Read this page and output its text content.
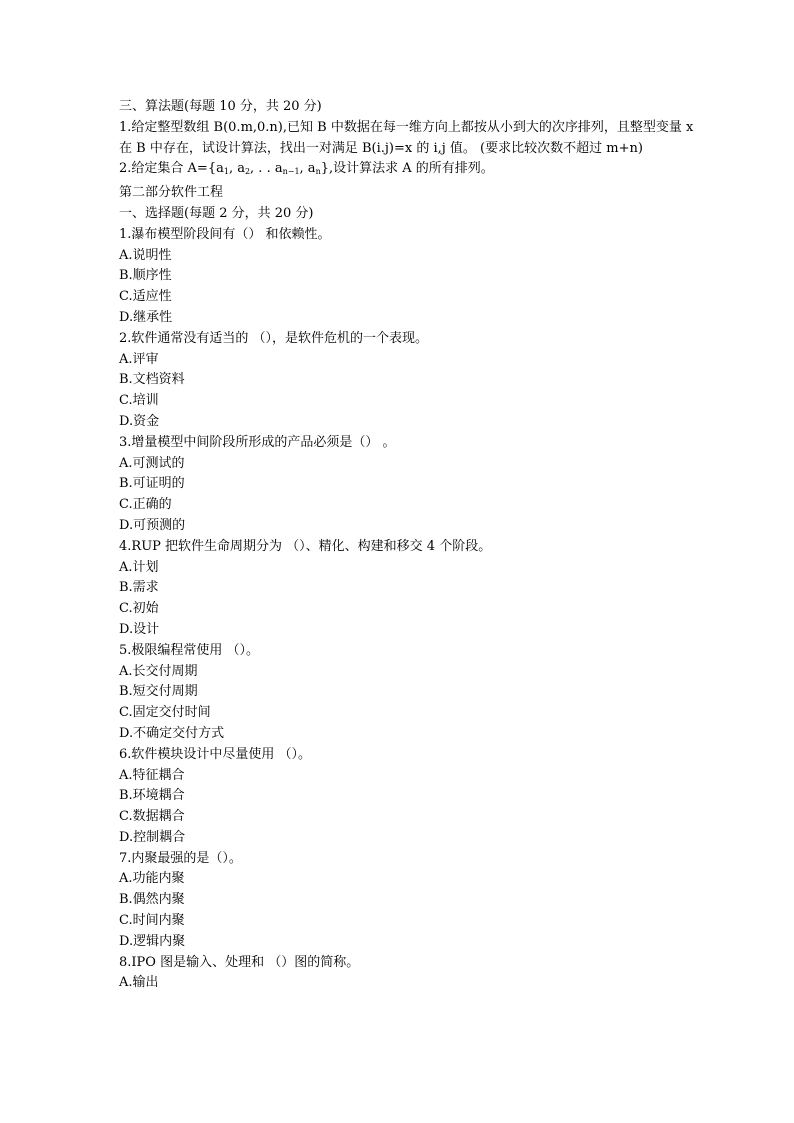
三、算法题(每题 10 分，共 20 分)
1.给定整型数组 B(0.m,0.n),已知 B 中数据在每一维方向上都按从小到大的次序排列，且整型变量 x 在 B 中存在，试设计算法，找出一对满足 B(i.j)=x 的 i,j 值。 (要求比较次数不超过 m+n)
2.给定集合 $A=\{a_1$, $a_2$, . . $a_{n-1}$, $a_n$},设计算法求 A 的所有排列。
第二部分软件工程
一、选择题(每题 2 分，共 20 分)
1.瀑布模型阶段间有（） 和依赖性。
A.说明性
B.顺序性
C.适应性
D.继承性
2.软件通常没有适当的 （），是软件危机的一个表现。
A.评审
B.文档资料
C.培训
D.资金
3.增量模型中间阶段所形成的产品必须是（） 。
A.可测试的
B.可证明的
C.正确的
D.可预测的
4.RUP 把软件生命周期分为 （）、精化、构建和移交 4 个阶段。
A.计划
B.需求
C.初始
D.设计
5.极限编程常使用 （）。
A.长交付周期
B.短交付周期
C.固定交付时间
D.不确定交付方式
6.软件模块设计中尽量使用 （）。
A.特征耦合
B.环境耦合
C.数据耦合
D.控制耦合
7.内聚最强的是（）。
A.功能内聚
B.偶然内聚
C.时间内聚
D.逻辑内聚
8.IPO 图是输入、处理和 （）图的简称。
A.输出
